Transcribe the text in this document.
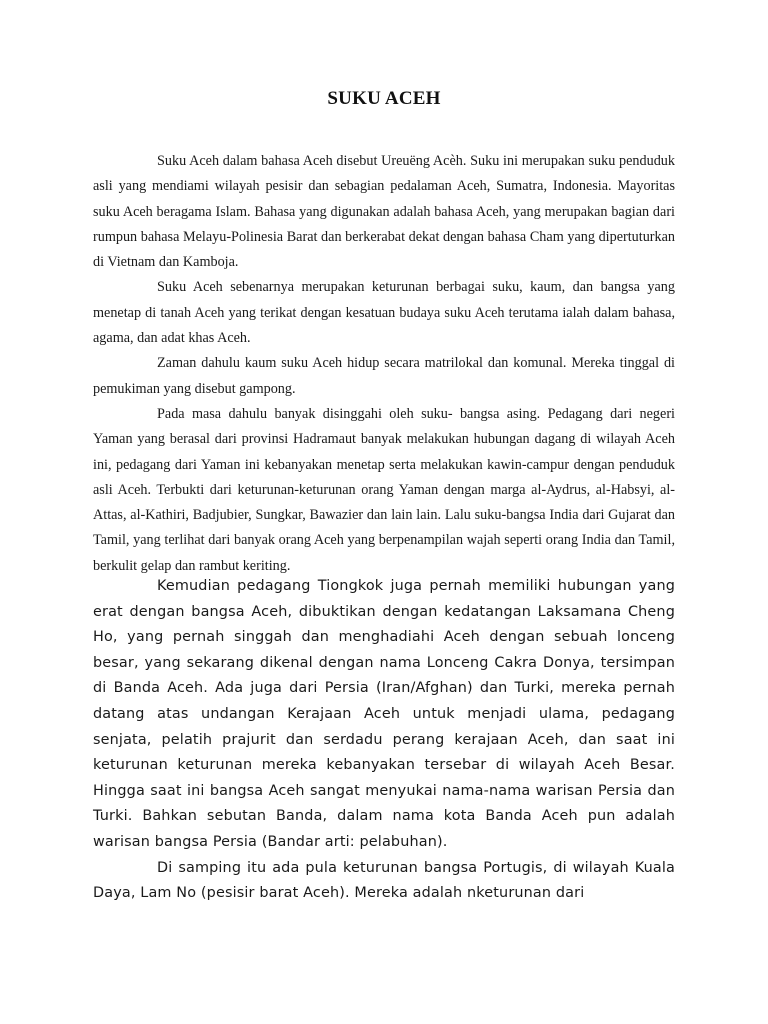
SUKU ACEH

Suku Aceh dalam bahasa Aceh disebut Ureuëng Acèh. Suku ini merupakan suku penduduk asli yang mendiami wilayah pesisir dan sebagian pedalaman Aceh, Sumatra, Indonesia. Mayoritas suku Aceh beragama Islam. Bahasa yang digunakan adalah bahasa Aceh, yang merupakan bagian dari rumpun bahasa Melayu-Polinesia Barat dan berkerabat dekat dengan bahasa Cham yang dipertuturkan di Vietnam dan Kamboja.

Suku Aceh sebenarnya merupakan keturunan berbagai suku, kaum, dan bangsa yang menetap di tanah Aceh yang terikat dengan kesatuan budaya suku Aceh terutama ialah dalam bahasa, agama, dan adat khas Aceh.

Zaman dahulu kaum suku Aceh hidup secara matrilokal dan komunal. Mereka tinggal di pemukiman yang disebut gampong.

Pada masa dahulu banyak disinggahi oleh suku- bangsa asing. Pedagang dari negeri Yaman yang berasal dari provinsi Hadramaut banyak melakukan hubungan dagang di wilayah Aceh ini, pedagang dari Yaman ini kebanyakan menetap serta melakukan kawin-campur dengan penduduk asli Aceh. Terbukti dari keturunan-keturunan orang Yaman dengan marga al-Aydrus, al-Habsyi, al-Attas, al-Kathiri, Badjubier, Sungkar, Bawazier dan lain lain. Lalu suku-bangsa India dari Gujarat dan Tamil, yang terlihat dari banyak orang Aceh yang berpenampilan wajah seperti orang India dan Tamil, berkulit gelap dan rambut keriting.

Kemudian pedagang Tiongkok juga pernah memiliki hubungan yang erat dengan bangsa Aceh, dibuktikan dengan kedatangan Laksamana Cheng Ho, yang pernah singgah dan menghadiahi Aceh dengan sebuah lonceng besar, yang sekarang dikenal dengan nama Lonceng Cakra Donya, tersimpan di Banda Aceh. Ada juga dari Persia (Iran/Afghan) dan Turki, mereka pernah datang atas undangan Kerajaan Aceh untuk menjadi ulama, pedagang senjata, pelatih prajurit dan serdadu perang kerajaan Aceh, dan saat ini keturunan keturunan mereka kebanyakan tersebar di wilayah Aceh Besar. Hingga saat ini bangsa Aceh sangat menyukai nama-nama warisan Persia dan Turki. Bahkan sebutan Banda, dalam nama kota Banda Aceh pun adalah warisan bangsa Persia (Bandar arti: pelabuhan).

Di samping itu ada pula keturunan bangsa Portugis, di wilayah Kuala Daya, Lam No (pesisir barat Aceh). Mereka adalah nketurunan dari
